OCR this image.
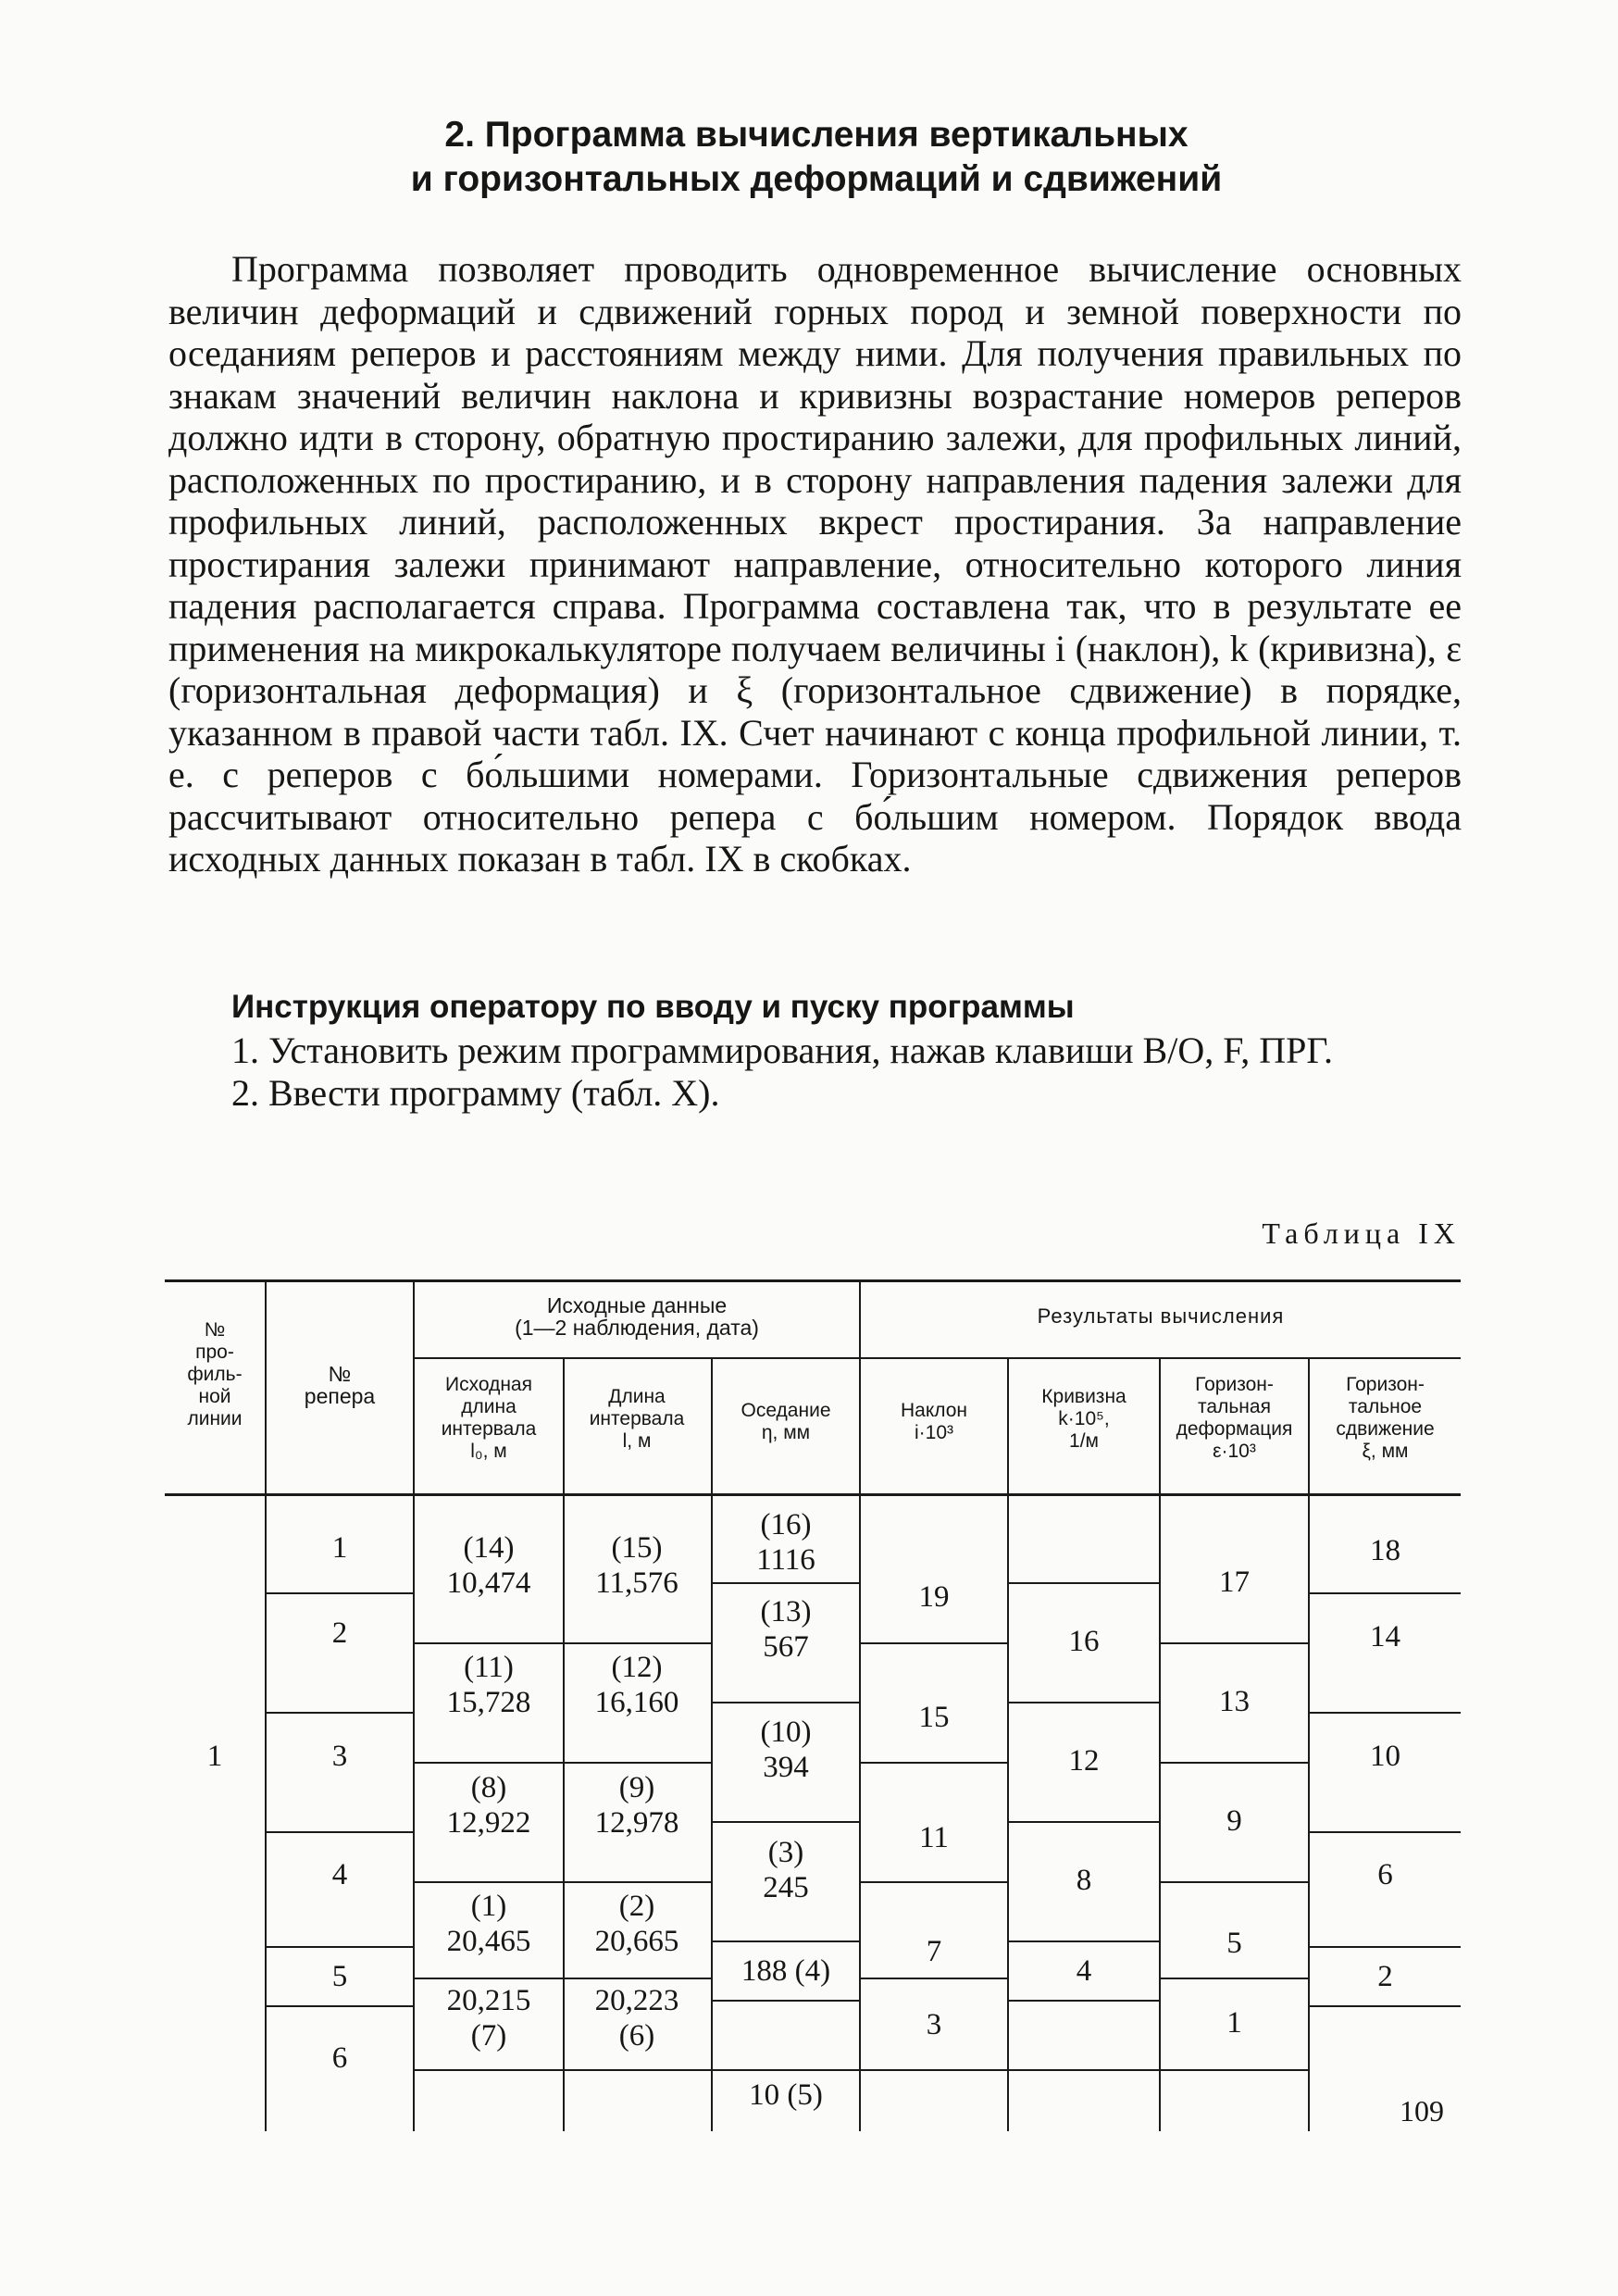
2. Программа вычисления вертикальных
и горизонтальных деформаций и сдвижений

Программа позволяет проводить одновременное вычисление основных величин деформаций и сдвижений горных пород и земной поверхности по оседаниям реперов и расстояниям между ними. Для получения правильных по знакам значений величин наклона и кривизны возрастание номеров реперов должно идти в сторону, обратную простиранию залежи, для профильных линий, расположенных по простиранию, и в сторону направления падения залежи для профильных линий, расположенных вкрест простирания. За направление простирания залежи принимают направление, относительно которого линия падения располагается справа. Программа составлена так, что в результате ее применения на микрокалькуляторе получаем величины i (наклон), k (кривизна), ε (горизонтальная деформация) и ξ (горизонтальное сдвижение) в порядке, указанном в правой части табл. IX. Счет начинают с конца профильной линии, т. е. с реперов с бо́льшими номерами. Горизонтальные сдвижения реперов рассчитывают относительно репера с бо́льшим номером. Порядок ввода исходных данных показан в табл. IX в скобках.

Инструкция оператору по вводу и пуску программы

1. Установить режим программирования, нажав клавиши В/О, F, ПРГ.

2. Ввести программу (табл. X).

Таблица IX
№
про-
филь-
ной
линии
№
репера
Исходные данные
(1—2 наблюдения, дата)	Результаты вычисления
Исходная
длина
интервала
l₀, м
Длина
интервала
l, м
Оседание
η, мм
Наклон
i·10³
Кривизна
k·10⁵,
1/м
Горизон-
тальная
деформация
ε·10³
Горизон-
тальное
сдвижение
ξ, мм
1
1
2
3
4
5
6
(14)
10,474
(11)
15,728
(8)
12,922
(1)
20,465
20,215
(7)
(15)
11,576
(12)
16,160
(9)
12,978
(2)
20,665
20,223
(6)
(16)
1116
(13)
567
(10)
394
(3)
245
188 (4)
10 (5)
19
15
11
7
3
16
12
8
4
17
13
9
5
1
18
14
10
6
2
109
